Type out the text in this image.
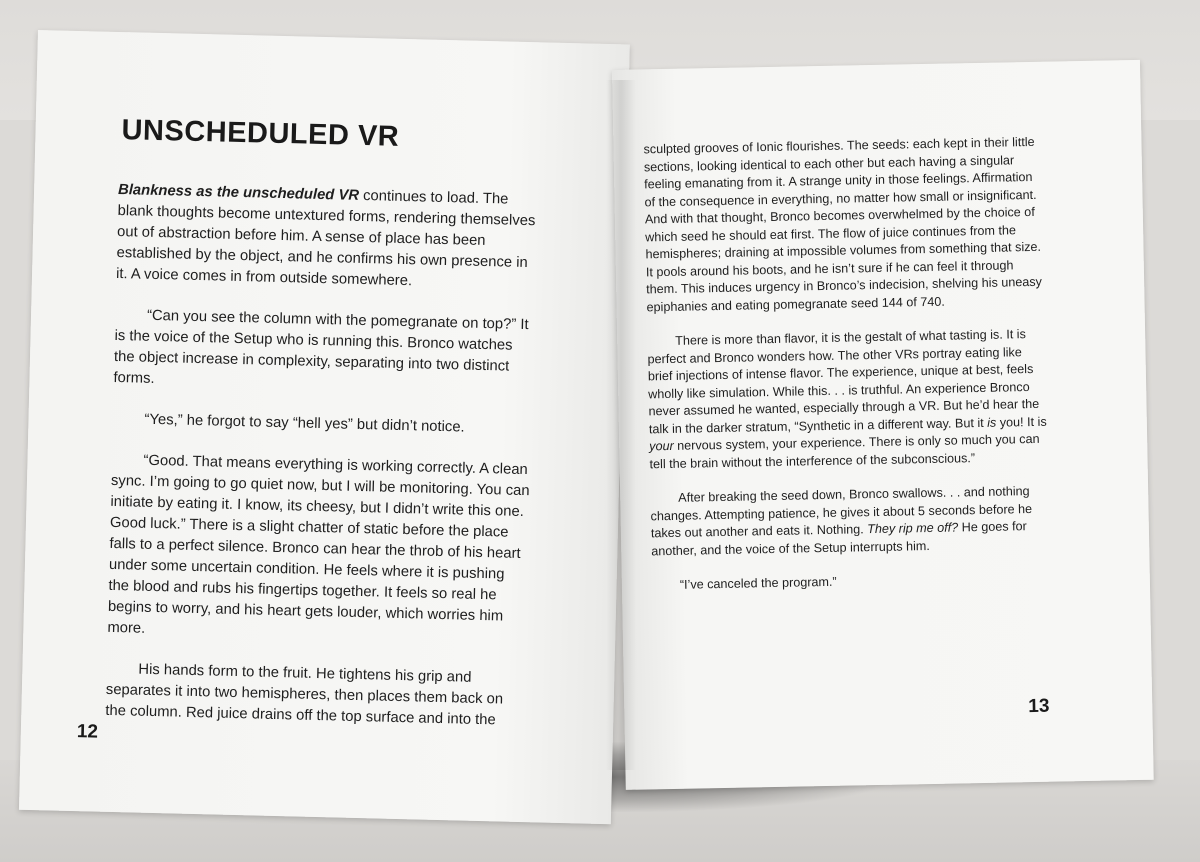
UNSCHEDULED VR

Blankness as the unscheduled VR continues to load. The blank thoughts become untextured forms, rendering themselves out of abstraction before him. A sense of place has been established by the object, and he confirms his own presence in it. A voice comes in from outside somewhere.

“Can you see the column with the pomegranate on top?” It is the voice of the Setup who is running this. Bronco watches the object increase in complexity, separating into two distinct forms.

“Yes,” he forgot to say “hell yes” but didn’t notice.

“Good. That means everything is working correctly. A clean sync. I’m going to go quiet now, but I will be monitoring. You can initiate by eating it. I know, its cheesy, but I didn’t write this one. Good luck.” There is a slight chatter of static before the place falls to a perfect silence. Bronco can hear the throb of his heart under some uncertain condition. He feels where it is pushing the blood and rubs his fingertips together. It feels so real he begins to worry, and his heart gets louder, which worries him more.

His hands form to the fruit. He tightens his grip and separates it into two hemispheres, then places them back on the column. Red juice drains off the top surface and into the

12

sculpted grooves of Ionic flourishes. The seeds: each kept in their little sections, looking identical to each other but each having a singular feeling emanating from it. A strange unity in those feelings. Affirmation of the consequence in everything, no matter how small or insignificant. And with that thought, Bronco becomes overwhelmed by the choice of which seed he should eat first. The flow of juice continues from the hemispheres; draining at impossible volumes from something that size. It pools around his boots, and he isn’t sure if he can feel it through them. This induces urgency in Bronco’s indecision, shelving his uneasy epiphanies and eating pomegranate seed 144 of 740.

There is more than flavor, it is the gestalt of what tasting is. It is perfect and Bronco wonders how. The other VRs portray eating like brief injections of intense flavor. The experience, unique at best, feels wholly like simulation. While this. . . is truthful. An experience Bronco never assumed he wanted, especially through a VR. But he’d hear the talk in the darker stratum, “Synthetic in a different way. But it is you! It is your nervous system, your experience. There is only so much you can tell the brain without the interference of the subconscious.”

After breaking the seed down, Bronco swallows. . . and nothing changes. Attempting patience, he gives it about 5 seconds before he takes out another and eats it. Nothing. They rip me off? He goes for another, and the voice of the Setup interrupts him.

“I’ve canceled the program.”

13
